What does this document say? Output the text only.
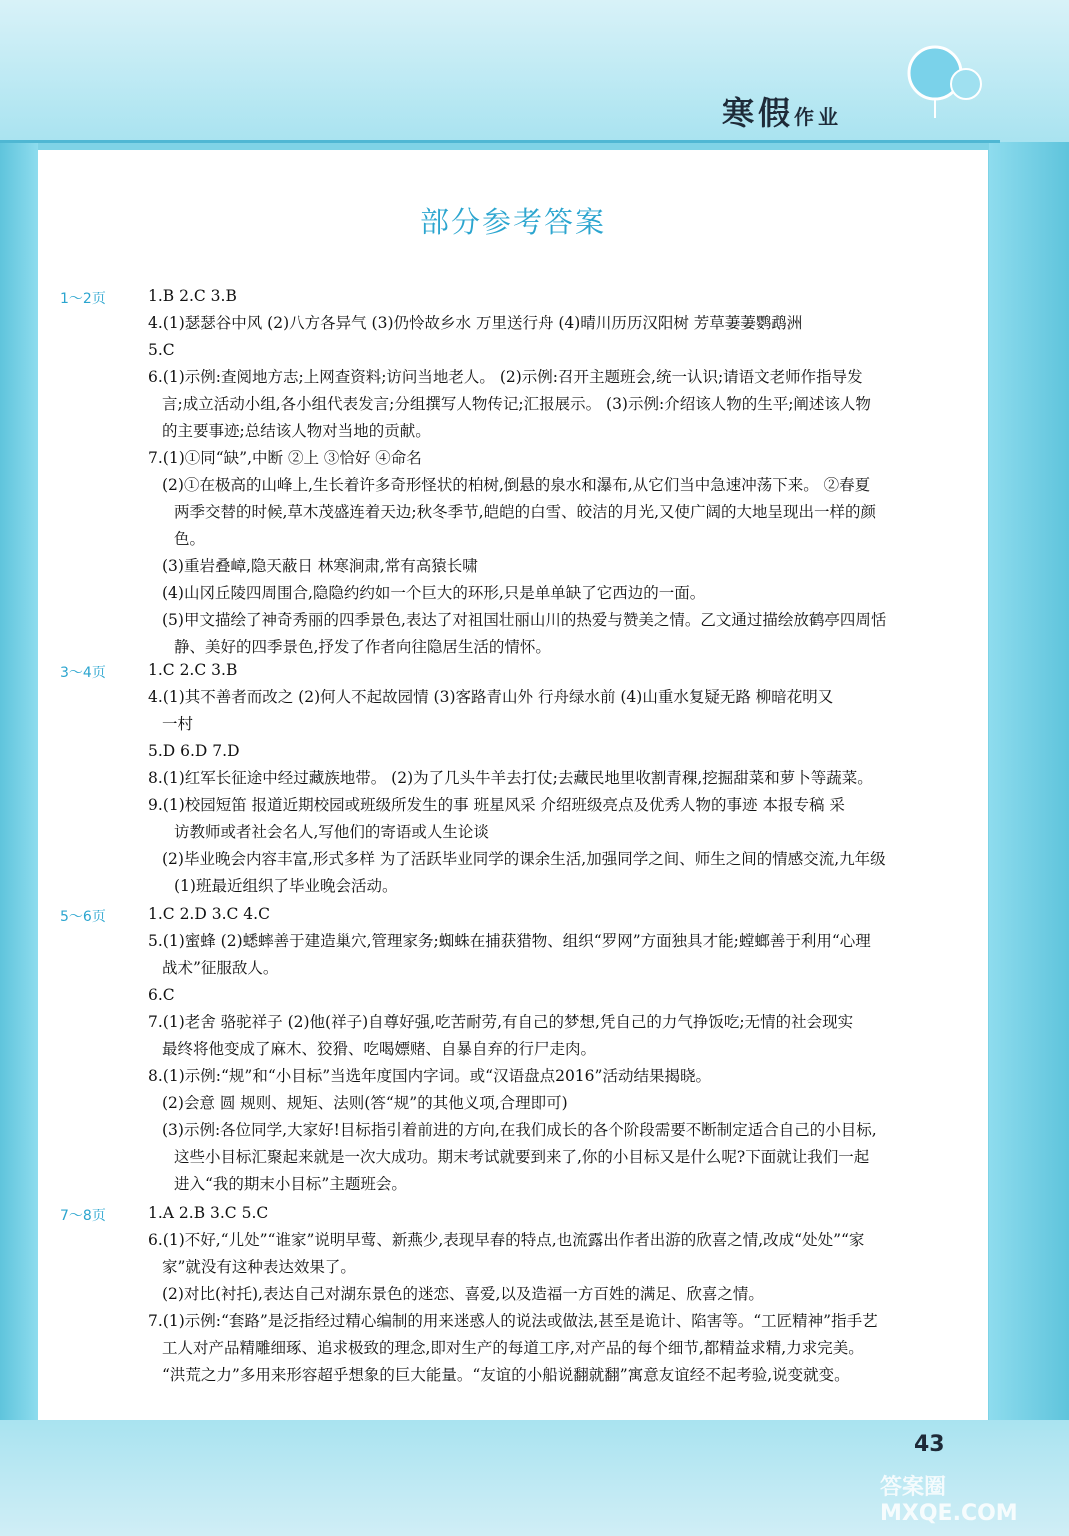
寒假作业
部分参考答案
1～2页	1.B 2.C 3.B
4.(1)瑟瑟谷中风 (2)八方各异气 (3)仍怜故乡水 万里送行舟 (4)晴川历历汉阳树 芳草萋萋鹦鹉洲
5.C
6.(1)示例:查阅地方志;上网查资料;访问当地老人。 (2)示例:召开主题班会,统一认识;请语文老师作指导发
言;成立活动小组,各小组代表发言;分组撰写人物传记;汇报展示。 (3)示例:介绍该人物的生平;阐述该人物
的主要事迹;总结该人物对当地的贡献。
7.(1)①同“缺”,中断 ②上 ③恰好 ④命名
(2)①在极高的山峰上,生长着许多奇形怪状的柏树,倒悬的泉水和瀑布,从它们当中急速冲荡下来。 ②春夏
两季交替的时候,草木茂盛连着天边;秋冬季节,皑皑的白雪、皎洁的月光,又使广阔的大地呈现出一样的颜
色。
(3)重岩叠嶂,隐天蔽日 林寒涧肃,常有高猿长啸
(4)山冈丘陵四周围合,隐隐约约如一个巨大的环形,只是单单缺了它西边的一面。
(5)甲文描绘了神奇秀丽的四季景色,表达了对祖国壮丽山川的热爱与赞美之情。乙文通过描绘放鹤亭四周恬
静、美好的四季景色,抒发了作者向往隐居生活的情怀。
3～4页	1.C 2.C 3.B
4.(1)其不善者而改之 (2)何人不起故园情 (3)客路青山外 行舟绿水前 (4)山重水复疑无路 柳暗花明又
一村
5.D 6.D 7.D
8.(1)红军长征途中经过藏族地带。 (2)为了几头牛羊去打仗;去藏民地里收割青稞,挖掘甜菜和萝卜等蔬菜。
9.(1)校园短笛 报道近期校园或班级所发生的事 班星风采 介绍班级亮点及优秀人物的事迹 本报专稿 采
访教师或者社会名人,写他们的寄语或人生论谈
(2)毕业晚会内容丰富,形式多样 为了活跃毕业同学的课余生活,加强同学之间、师生之间的情感交流,九年级
(1)班最近组织了毕业晚会活动。
5～6页	1.C 2.D 3.C 4.C
5.(1)蜜蜂 (2)蟋蟀善于建造巢穴,管理家务;蜘蛛在捕获猎物、组织“罗网”方面独具才能;螳螂善于利用“心理
战术”征服敌人。
6.C
7.(1)老舍 骆驼祥子 (2)他(祥子)自尊好强,吃苦耐劳,有自己的梦想,凭自己的力气挣饭吃;无情的社会现实
最终将他变成了麻木、狡猾、吃喝嫖赌、自暴自弃的行尸走肉。
8.(1)示例:“规”和“小目标”当选年度国内字词。或“汉语盘点2016”活动结果揭晓。
(2)会意 圆 规则、规矩、法则(答“规”的其他义项,合理即可)
(3)示例:各位同学,大家好!目标指引着前进的方向,在我们成长的各个阶段需要不断制定适合自己的小目标,
这些小目标汇聚起来就是一次大成功。期末考试就要到来了,你的小目标又是什么呢?下面就让我们一起
进入“我的期末小目标”主题班会。
7～8页	1.A 2.B 3.C 5.C
6.(1)不好,“儿处”“谁家”说明早莺、新燕少,表现早春的特点,也流露出作者出游的欣喜之情,改成“处处”“家
家”就没有这种表达效果了。
(2)对比(衬托),表达自己对湖东景色的迷恋、喜爱,以及造福一方百姓的满足、欣喜之情。
7.(1)示例:“套路”是泛指经过精心编制的用来迷惑人的说法或做法,甚至是诡计、陷害等。“工匠精神”指手艺
工人对产品精雕细琢、追求极致的理念,即对生产的每道工序,对产品的每个细节,都精益求精,力求完美。
“洪荒之力”多用来形容超乎想象的巨大能量。“友谊的小船说翻就翻”寓意友谊经不起考验,说变就变。
43
答案圈 MXQE.COM
